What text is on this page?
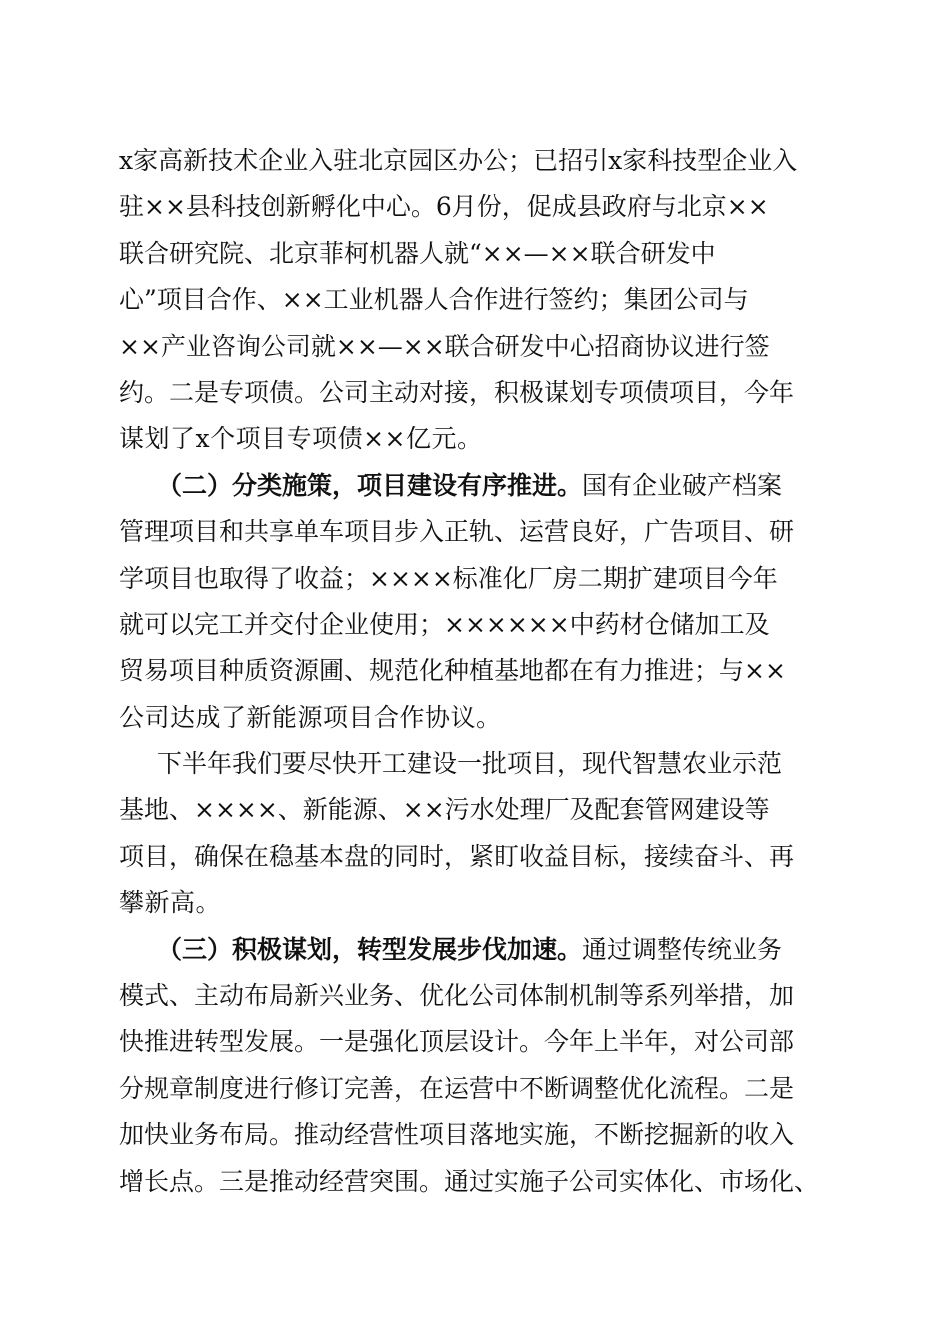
x家高新技术企业入驻北京园区办公；已招引x家科技型企业入
驻××县科技创新孵化中心。6月份，促成县政府与北京××
联合研究院、北京菲柯机器人就“××—××联合研发中
心”项目合作、××工业机器人合作进行签约；集团公司与
××产业咨询公司就××—××联合研发中心招商协议进行签
约。二是专项债。公司主动对接，积极谋划专项债项目，今年
谋划了x个项目专项债××亿元。
（二）分类施策，项目建设有序推进。国有企业破产档案
管理项目和共享单车项目步入正轨、运营良好，广告项目、研
学项目也取得了收益；××××标准化厂房二期扩建项目今年
就可以完工并交付企业使用；××××××中药材仓储加工及
贸易项目种质资源圃、规范化种植基地都在有力推进；与××
公司达成了新能源项目合作协议。
下半年我们要尽快开工建设一批项目，现代智慧农业示范
基地、××××、新能源、××污水处理厂及配套管网建设等
项目，确保在稳基本盘的同时，紧盯收益目标，接续奋斗、再
攀新高。
（三）积极谋划，转型发展步伐加速。通过调整传统业务
模式、主动布局新兴业务、优化公司体制机制等系列举措，加
快推进转型发展。一是强化顶层设计。今年上半年，对公司部
分规章制度进行修订完善，在运营中不断调整优化流程。二是
加快业务布局。推动经营性项目落地实施，不断挖掘新的收入
增长点。三是推动经营突围。通过实施子公司实体化、市场化、
